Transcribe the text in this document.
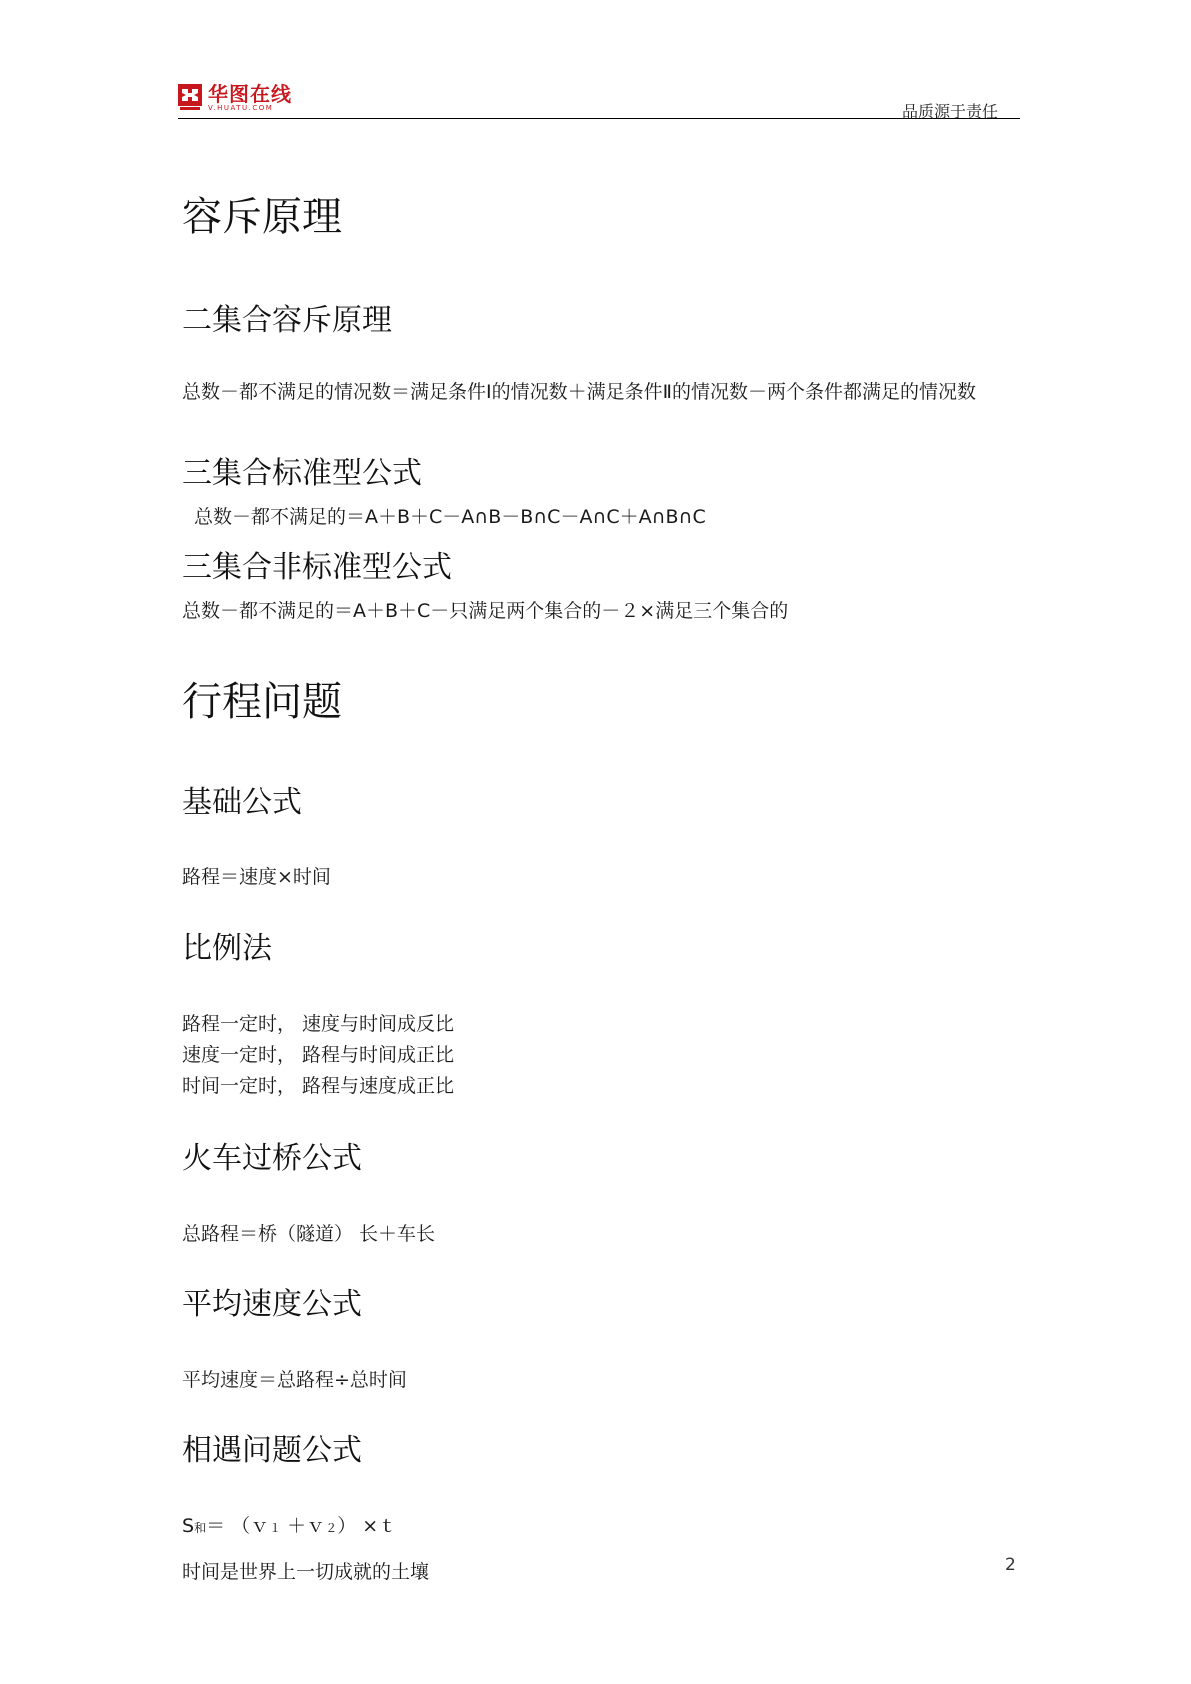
华图在线
V.HUATU.COM	品质源于责任
容斥原理
二集合容斥原理
总数－都不满足的情况数＝满足条件Ⅰ的情况数＋满足条件Ⅱ的情况数－两个条件都满足的情况数
三集合标准型公式
总数－都不满足的＝A＋B＋C－A∩B－B∩C－A∩C＋A∩B∩C
三集合非标准型公式
总数－都不满足的＝A＋B＋C－只满足两个集合的－２×满足三个集合的
行程问题
基础公式
路程＝速度×时间
比例法
路程一定时， 速度与时间成反比
速度一定时， 路程与时间成正比
时间一定时， 路程与速度成正比
火车过桥公式
总路程＝桥（隧道） 长＋车长
平均速度公式
平均速度＝总路程÷总时间
相遇问题公式
S和＝ （ｖ１ ＋ｖ２） ×ｔ
时间是世界上一切成就的土壤	2
